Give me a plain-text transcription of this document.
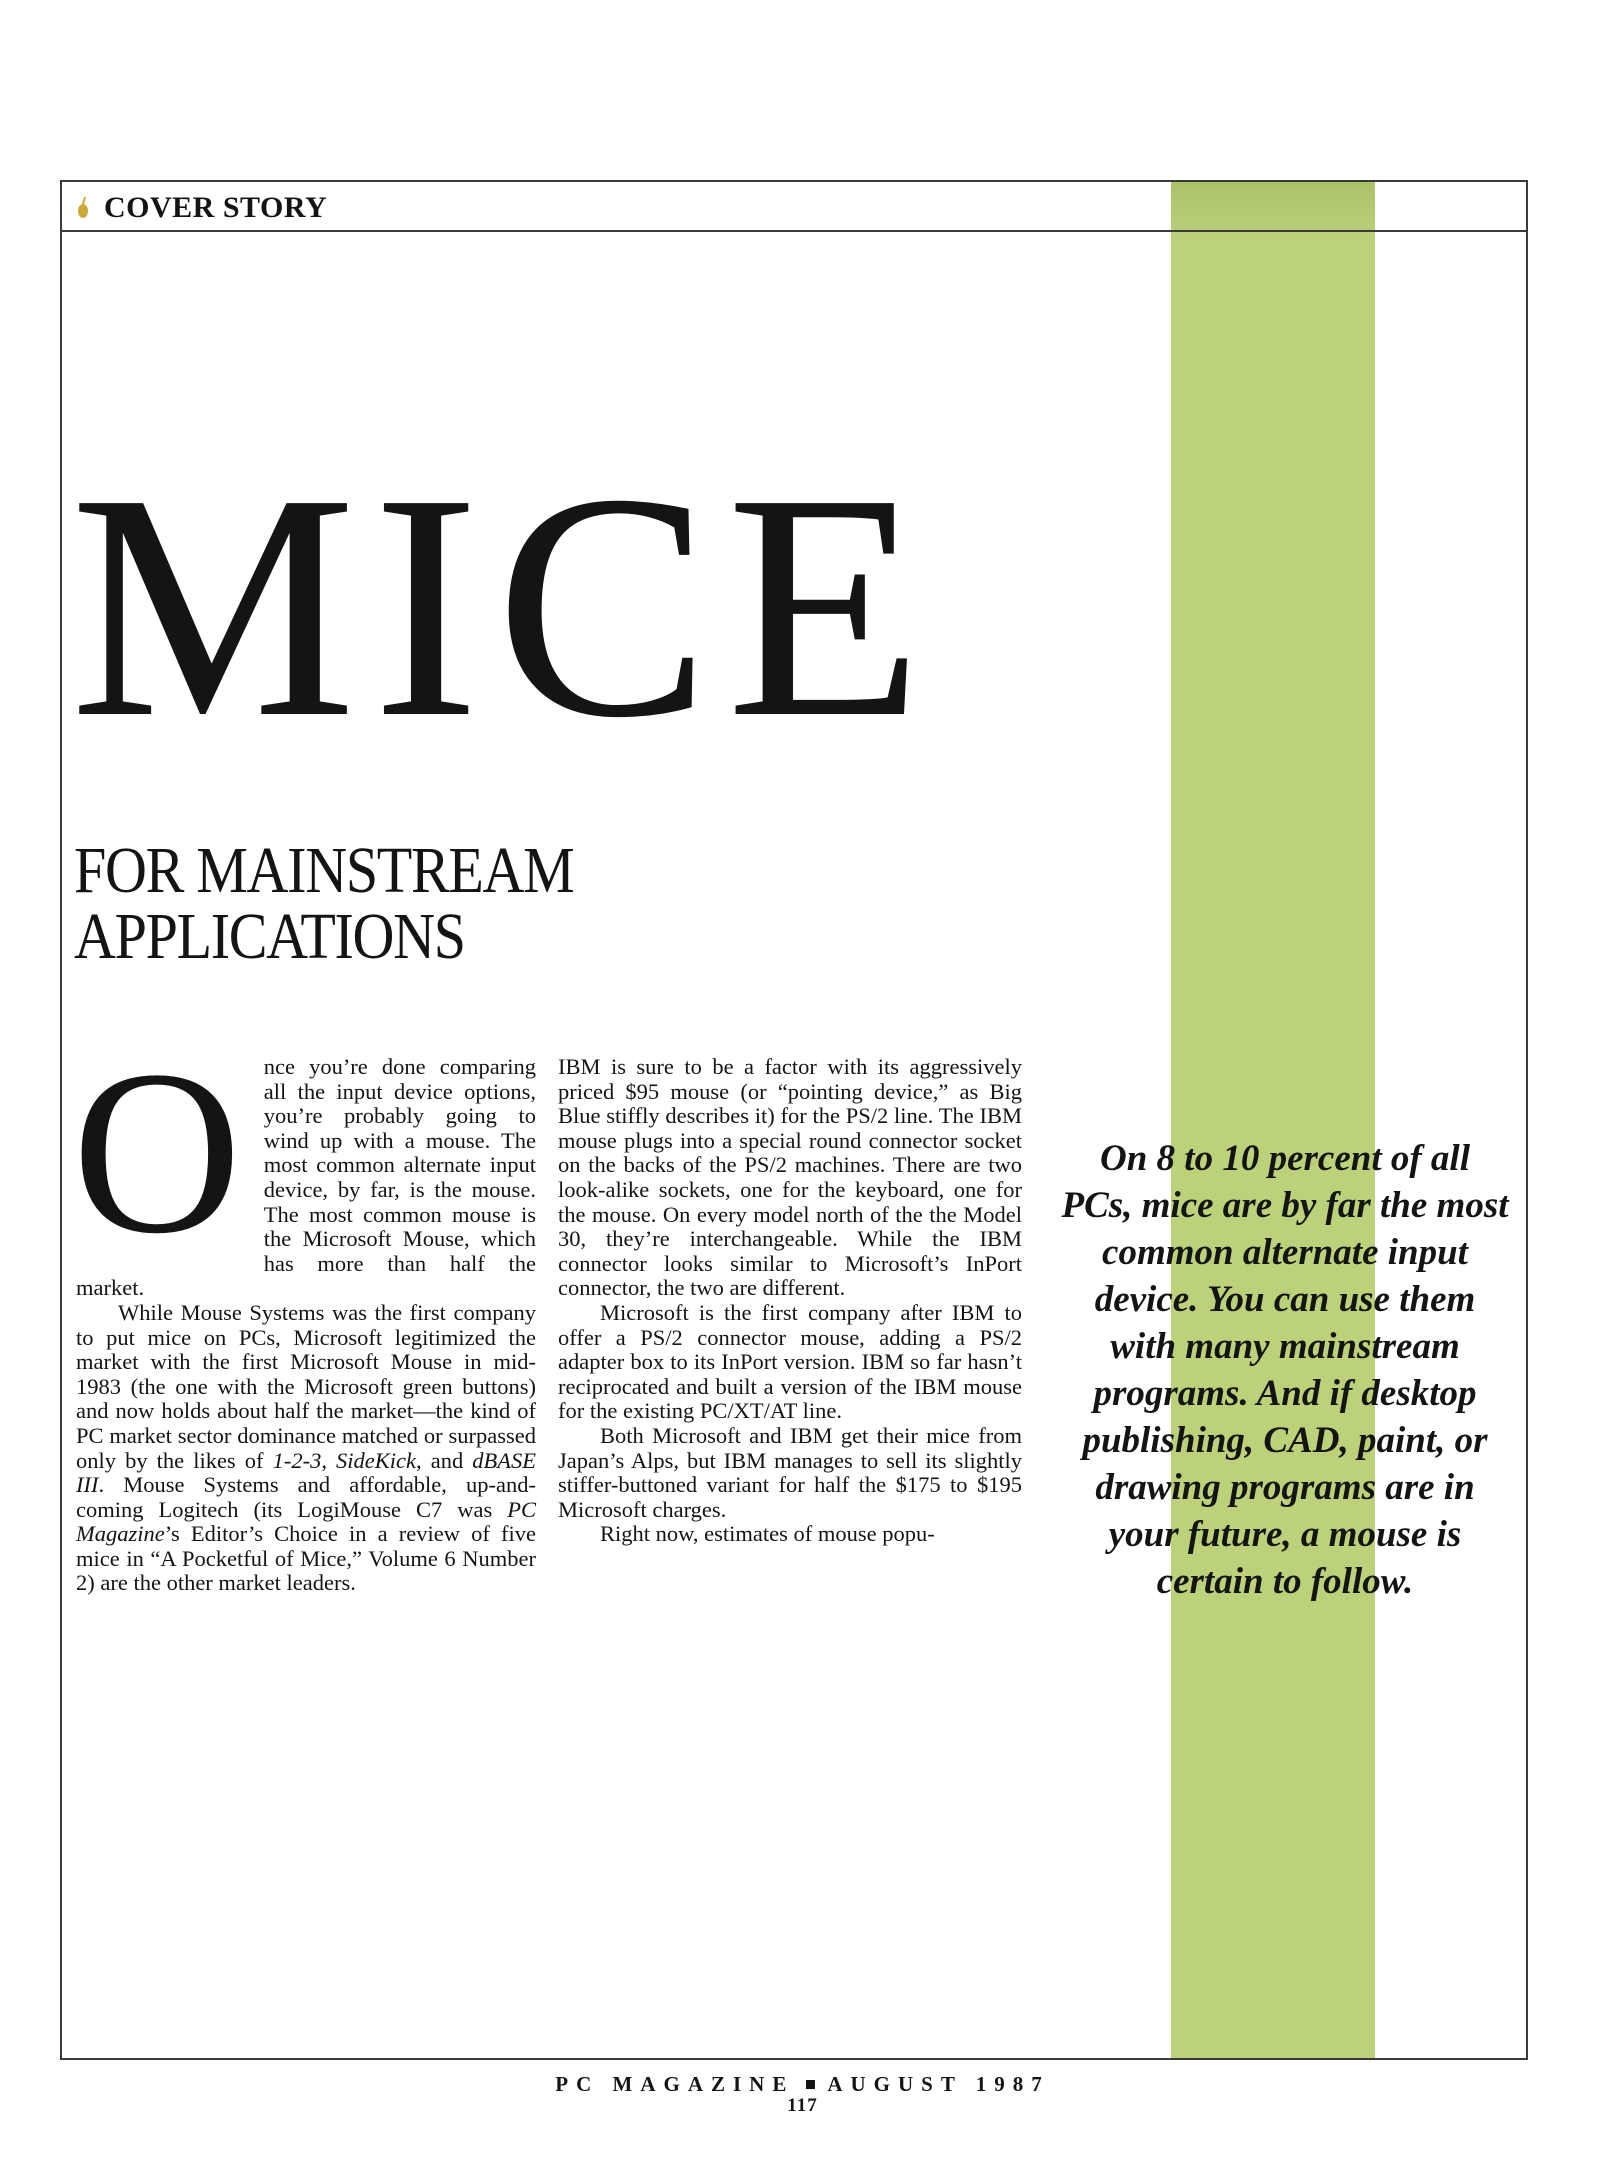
COVER STORY
MICE
FOR MAINSTREAM APPLICATIONS
O nce you’re done comparing all the input device options, you’re probably going to wind up with a mouse. The most common alternate input device, by far, is the mouse. The most common mouse is the Microsoft Mouse, which has more than half the market.

While Mouse Systems was the first company to put mice on PCs, Microsoft legitimized the market with the first Microsoft Mouse in mid-1983 (the one with the Microsoft green buttons) and now holds about half the market—the kind of PC market sector dominance matched or surpassed only by the likes of 1-2-3, SideKick, and dBASE III. Mouse Systems and affordable, up-and-coming Logitech (its LogiMouse C7 was PC Magazine’s Editor’s Choice in a review of five mice in “A Pocketful of Mice,” Volume 6 Number 2) are the other market leaders.

IBM is sure to be a factor with its aggressively priced $95 mouse (or “pointing device,” as Big Blue stiffly describes it) for the PS/2 line. The IBM mouse plugs into a special round connector socket on the backs of the PS/2 machines. There are two look-alike sockets, one for the keyboard, one for the mouse. On every model north of the the Model 30, they’re interchangeable. While the IBM connector looks similar to Microsoft’s InPort connector, the two are different.

Microsoft is the first company after IBM to offer a PS/2 connector mouse, adding a PS/2 adapter box to its InPort version. IBM so far hasn’t reciprocated and built a version of the IBM mouse for the existing PC/XT/AT line.

Both Microsoft and IBM get their mice from Japan’s Alps, but IBM manages to sell its slightly stiffer-buttoned variant for half the $175 to $195 Microsoft charges.

Right now, estimates of mouse popu-

On 8 to 10 percent of all PCs, mice are by far the most common alternate input device. You can use them with many mainstream programs. And if desktop publishing, CAD, paint, or drawing programs are in your future, a mouse is certain to follow.

PC MAGAZINE AUGUST 1987
117
